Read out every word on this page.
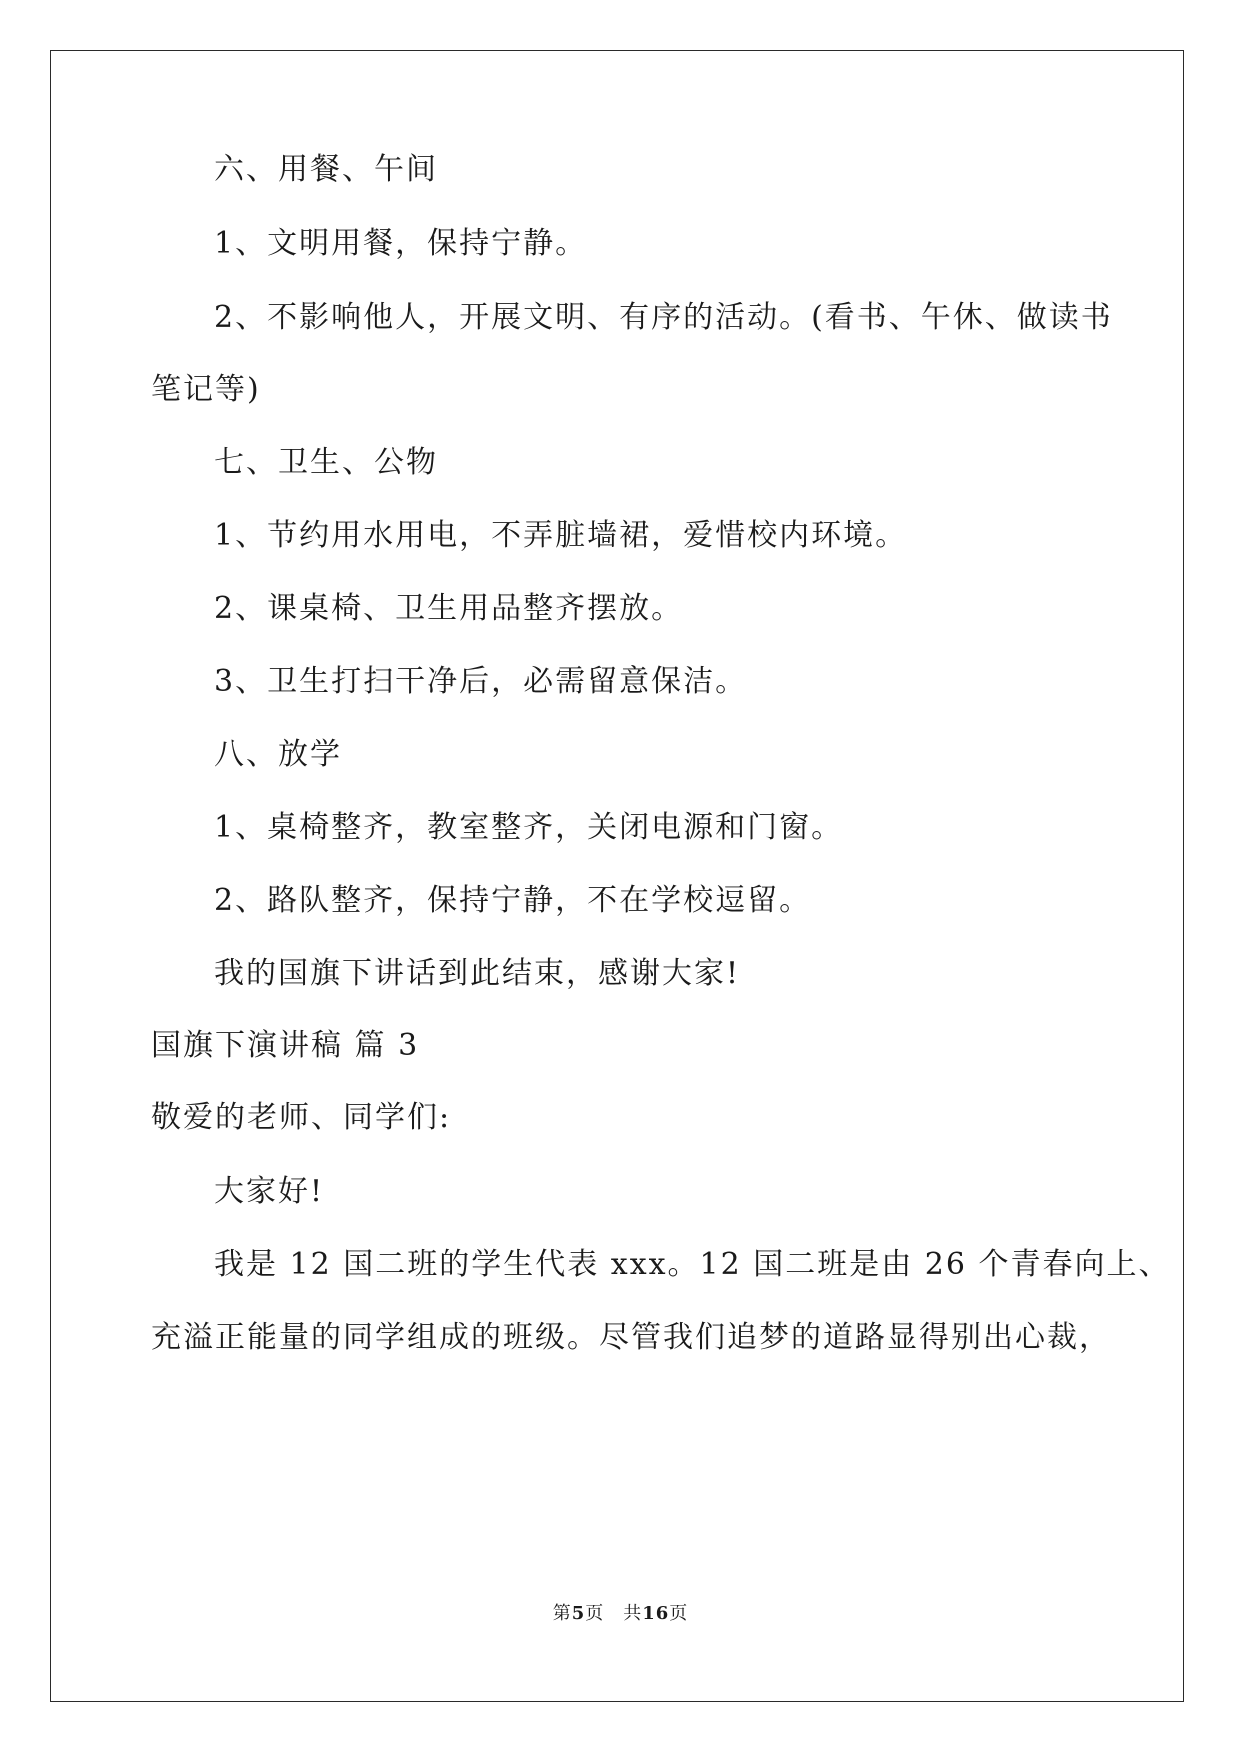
六、用餐、午间
1、文明用餐，保持宁静。
2、不影响他人，开展文明、有序的活动。(看书、午休、做读书
笔记等)
七、卫生、公物
1、节约用水用电，不弄脏墙裙，爱惜校内环境。
2、课桌椅、卫生用品整齐摆放。
3、卫生打扫干净后，必需留意保洁。
八、放学
1、桌椅整齐，教室整齐，关闭电源和门窗。
2、路队整齐，保持宁静，不在学校逗留。
我的国旗下讲话到此结束，感谢大家!
国旗下演讲稿 篇 3
敬爱的老师、同学们:
大家好!
我是 12 国二班的学生代表 xxx。12 国二班是由 26 个青春向上、
充溢正能量的同学组成的班级。尽管我们追梦的道路显得别出心裁，
第5页　共16页
